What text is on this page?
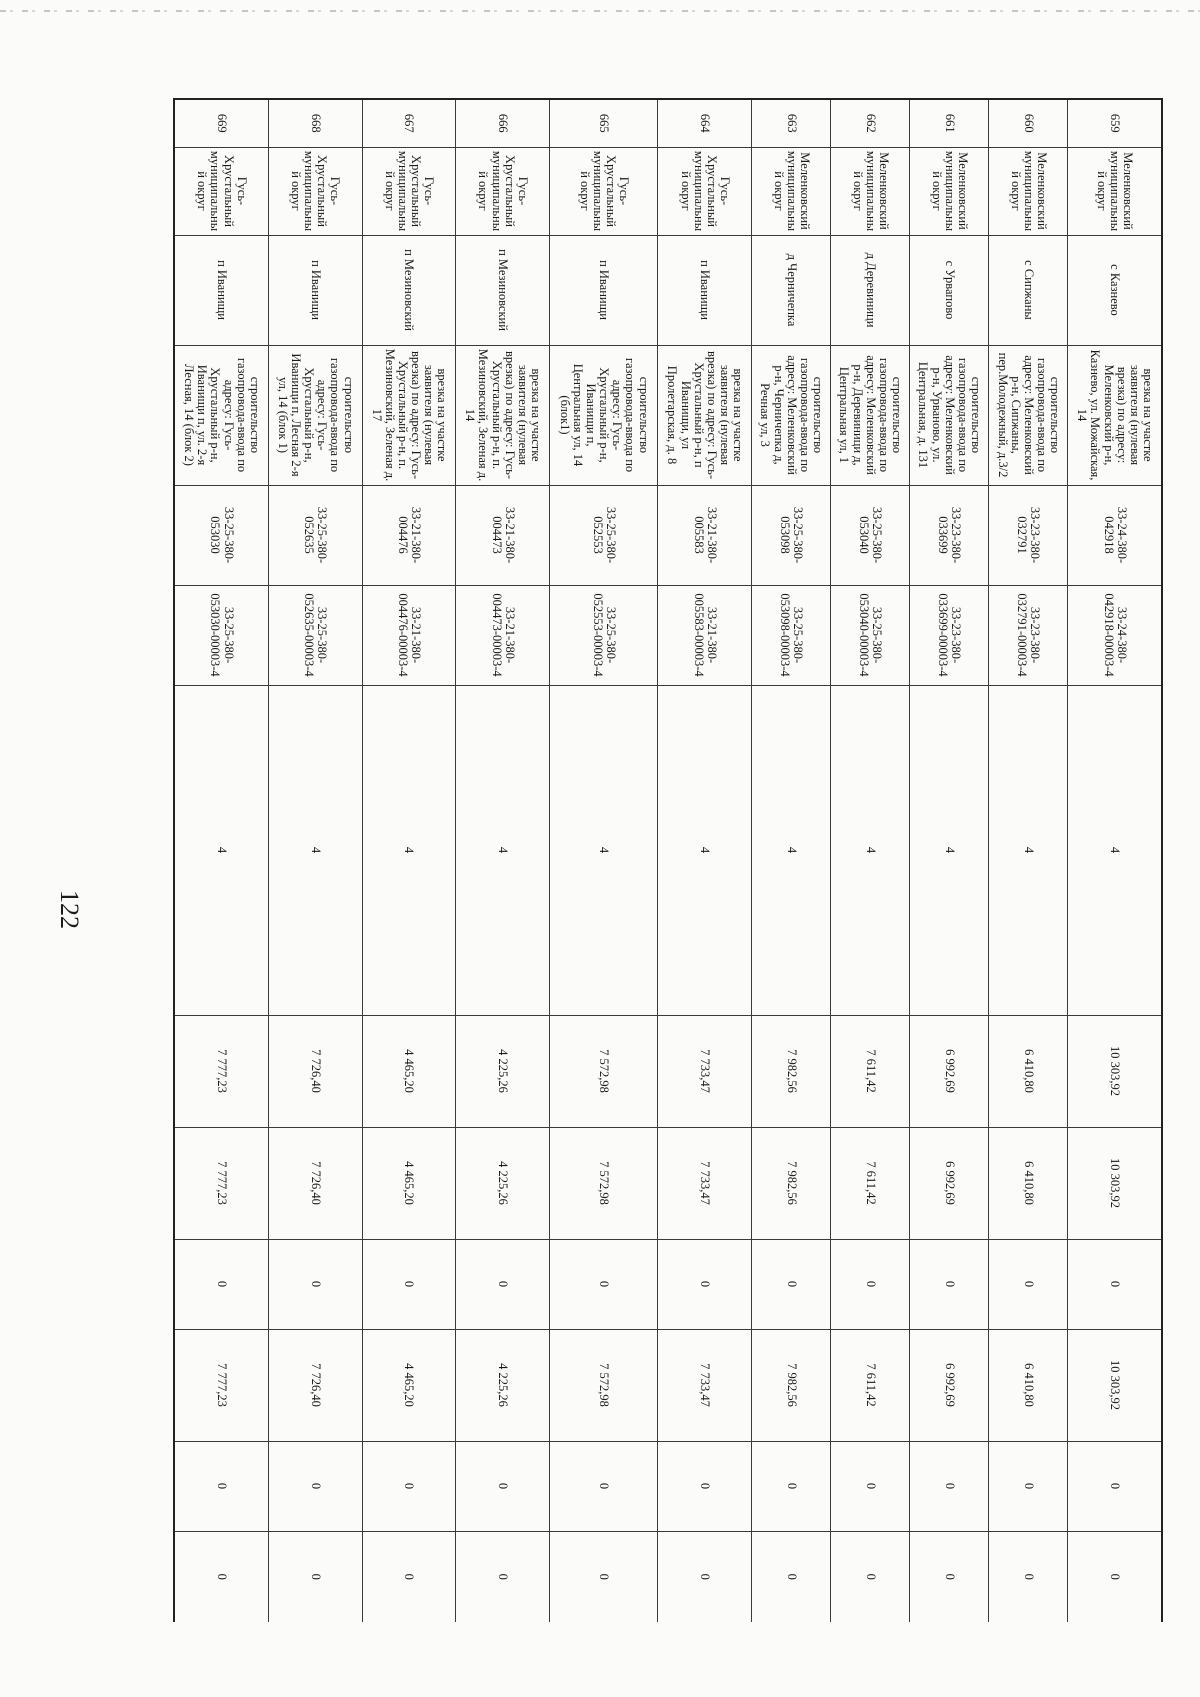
122
659	Меленковский муниципальный округ	с Казнево	врезка на участке заявителя (нулевая врезка) по адресу: Меленковский р-н, Казнево, ул. Можайская, 14	33-24-380-042918	33-24-380-042918-00003-4	4	10 303,92	10 303,92	0	10 303,92	0	0
660	Меленковский муниципальный округ	с Сипжаны	строительство газопровода-ввода по адресу: Меленковский р-н, Сипжаны, пер.Молодежный, д.3/2	33-23-380-032791	33-23-380-032791-00003-4	4	6 410,80	6 410,80	0	6 410,80	0	0
661	Меленковский муниципальный округ	с Урвапово	строительство газопровода-ввода по адресу: Меленковский р-н, Урваново, ул. Центральная, д. 131	33-23-380-033699	33-23-380-033699-00003-4	4	6 992,69	6 992,69	0	6 992,69	0	0
662	Меленковский муниципальный округ	д Деревиници	строительство газопровода-ввода по адресу: Меленковский р-н, Деревиници д, Центральная ул, 1	33-25-380-053040	33-25-380-053040-00003-4	4	7 611,42	7 611,42	0	7 611,42	0	0
663	Меленковский муниципальный округ	д Черничепка	строительство газопровода-ввода по адресу: Меленковский р-н, Черничепка д, Речная ул, 3	33-25-380-053098	33-25-380-053098-00003-4	4	7 982,56	7 982,56	0	7 982,56	0	0
664	Гусь-Хрустальный муниципальный округ	п Иванищи	врезка на участке заявителя (нулевая врезка) по адресу: Гусь-Хрустальный р-н, п Иванищи, ул Пролетарская, д. 8	33-21-380-005583	33-21-380-005583-00003-4	4	7 733,47	7 733,47	0	7 733,47	0	0
665	Гусь-Хрустальный муниципальный округ	п Иванищи	строительство газопровода-ввода по адресу: Гусь-Хрустальный р-н, Иванищи п, Центральная ул, 14 (блок1)	33-25-380-052553	33-25-380-052553-00003-4	4	7 572,98	7 572,98	0	7 572,98	0	0
666	Гусь-Хрустальный муниципальный округ	п Мезиновский	врезка на участке заявителя (нулевая врезка) по адресу: Гусь-Хрустальный р-н, п. Мезиновский, Зеленая д. 14	33-21-380-004473	33-21-380-004473-00003-4	4	4 225,26	4 225,26	0	4 225,26	0	0
667	Гусь-Хрустальный муниципальный округ	п Мезиновский	врезка на участке заявителя (нулевая врезка) по адресу: Гусь-Хрустальный р-н, п. Мезиновский, Зеленая д. 17	33-21-380-004476	33-21-380-004476-00003-4	4	4 465,20	4 465,20	0	4 465,20	0	0
668	Гусь-Хрустальный муниципальный округ	п Иванищи	строительство газопровода-ввода по адресу: Гусь-Хрустальный р-н, Иванищи п, Лесная 2-я ул, 14 (блок 1)	33-25-380-052635	33-25-380-052635-00003-4	4	7 726,40	7 726,40	0	7 726,40	0	0
669	Гусь-Хрустальный муниципальный округ	п Иванищи	строительство газопровода-ввода по адресу: Гусь-Хрустальный р-н, Иванищи п, ул. 2-я Лесная, 14 (блок 2)	33-25-380-053030	33-25-380-053030-00003-4	4	7 777,23	7 777,23	0	7 777,23	0	0
